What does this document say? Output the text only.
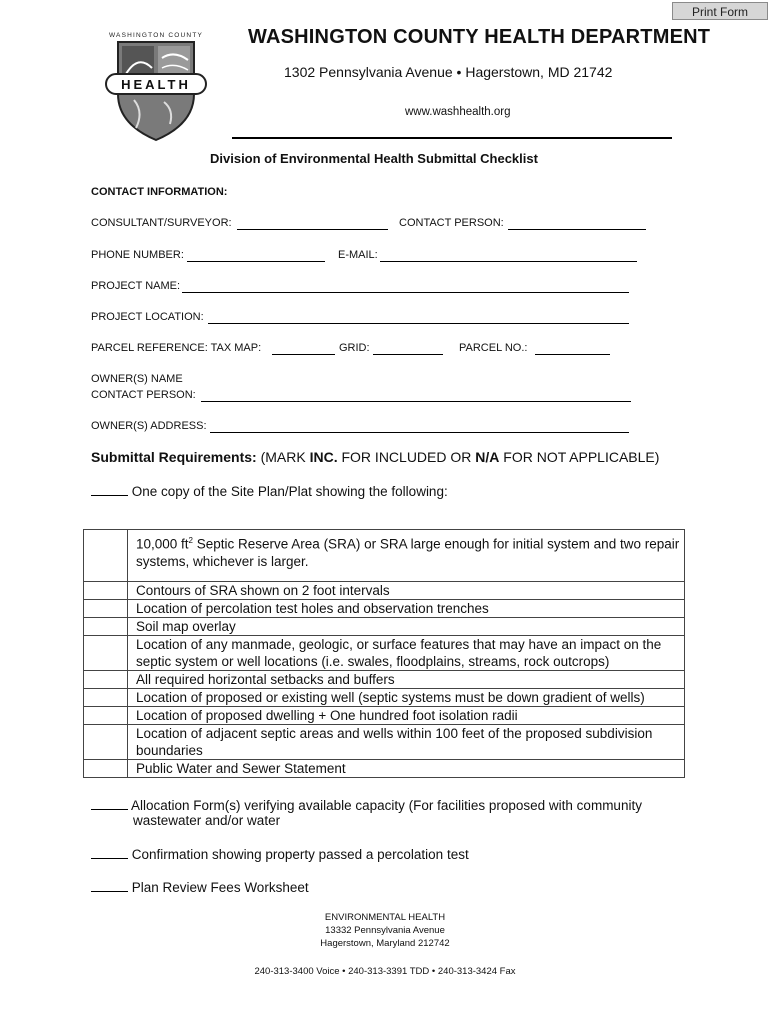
Print Form
WASHINGTON COUNTY
HEALTH
WASHINGTON COUNTY HEALTH DEPARTMENT
1302 Pennsylvania Avenue • Hagerstown, MD 21742
www.washhealth.org
Division of Environmental Health Submittal Checklist
CONTACT INFORMATION:
CONSULTANT/SURVEYOR:	CONTACT PERSON:
PHONE NUMBER:	E-MAIL:
PROJECT NAME:
PROJECT LOCATION:
PARCEL REFERENCE: TAX MAP:	GRID:	PARCEL NO.:
OWNER(S) NAME
CONTACT PERSON:
OWNER(S) ADDRESS:
Submittal Requirements: (MARK INC. FOR INCLUDED OR N/A FOR NOT APPLICABLE)
One copy of the Site Plan/Plat showing the following:
	10,000 $ft^2$ Septic Reserve Area (SRA) or SRA large enough for initial system and two repair systems, whichever is larger.
	Contours of SRA shown on 2 foot intervals
	Location of percolation test holes and observation trenches
	Soil map overlay
	Location of any manmade, geologic, or surface features that may have an impact on the septic system or well locations (i.e. swales, floodplains, streams, rock outcrops)
	All required horizontal setbacks and buffers
	Location of proposed or existing well (septic systems must be down gradient of wells)
	Location of proposed dwelling + One hundred foot isolation radii
	Location of adjacent septic areas and wells within 100 feet of the proposed subdivision boundaries
	Public Water and Sewer Statement
Allocation Form(s) verifying available capacity (For facilities proposed with community
wastewater and/or water
Confirmation showing property passed a percolation test
Plan Review Fees Worksheet
ENVIRONMENTAL HEALTH
13332 Pennsylvania Avenue
Hagerstown, Maryland 212742
240-313-3400 Voice • 240-313-3391 TDD • 240-313-3424 Fax
